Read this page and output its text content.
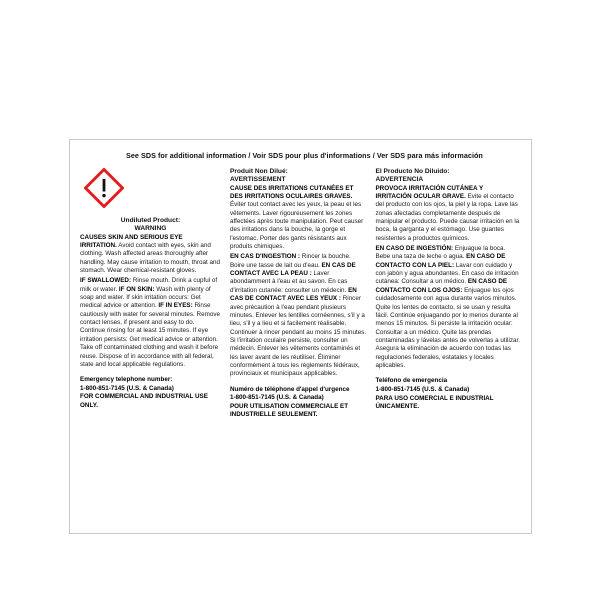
See SDS for additional information / Voir SDS pour plus d'informations / Ver SDS para más información
Undiluted Product:
WARNING
CAUSES SKIN AND SERIOUS EYE IRRITATION. Avoid contact with eyes, skin and clothing. Wash affected areas thoroughly after handling. May cause irritation to mouth, throat and stomach. Wear chemical-resistant gloves.
IF SWALLOWED: Rinse mouth. Drink a cupful of milk or water. IF ON SKIN: Wash with plenty of soap and water. If skin irritation occurs: Get medical advice or attention. IF IN EYES: Rinse cautiously with water for several minutes. Remove contact lenses, if present and easy to do. Continue rinsing for at least 15 minutes. If eye irritation persists: Get medical advice or attention. Take off contaminated clothing and wash it before reuse. Dispose of in accordance with all federal, state and local applicable regulations.
Emergency telephone number:
1-800-851-7145 (U.S. & Canada)
FOR COMMERCIAL AND INDUSTRIAL USE ONLY.
Produit Non Dilué:
AVERTISSEMENT
CAUSE DES IRRITATIONS CUTANÉES ET DES IRRITATIONS OCULAIRES GRAVES. Éviter tout contact avec les yeux, la peau et les vêtements. Laver rigoureusement les zones affectées après toute manipulation. Peut causer des irritations dans la bouche, la gorge et l'estomac. Porter des gants résistants aux produits chimiques.
EN CAS D'INGESTION : Rincer la bouche. Boire une tasse de lait ou d'eau. EN CAS DE CONTACT AVEC LA PEAU : Laver abondamment à l'eau et au savon. En cas d'irritation cutanée: consulter un médecin. EN CAS DE CONTACT AVEC LES YEUX : Rincer avec précaution à l'eau pendant plusieurs minutes. Enlever les lentilles cornéennes, s'il y a lieu, s'il y a lieu et si facilement réalisable. Continuer à rincer pendant au moins 15 minutes. Si l'irritation oculaire persiste, consulter un médecin. Enlever les vêtements contaminés et les laver avant de les réutiliser. Éliminer conformément à tous les règlements fédéraux, provinciaux et municipaux applicables.
Numéro de téléphone d'appel d'urgence
1-800-851-7145 (U.S. & Canada)
POUR UTILISATION COMMERCIALE ET INDUSTRIELLE SEULEMENT.
El Producto No Diluido:
ADVERTENCIA
PROVOCA IRRITACIÓN CUTÁNEA Y IRRITACIÓN OCULAR GRAVE. Evite el contacto del producto con los ojos, la piel y la ropa. Lave las zonas afectadas completamente después de manipular el producto. Puede causar irritación en la boca, la garganta y el estómago. Use guantes resistentes a productos químicos.
EN CASO DE INGESTIÓN: Enjuague la boca. Bebe una taza de leche o agua. EN CASO DE CONTACTO CON LA PIEL: Lavar con cuidado y con jabón y agua abundantes. En caso de irritación cutánea: Consultar a un médico. EN CASO DE CONTACTO CON LOS OJOS: Enjuague los ojos cuidadosamente con agua durante varios minutos. Quite los lentes de contacto, si se usan y resulta fácil. Continúe enjuagando por lo menos durante al menos 15 minutos. Si persiste la irritación ocular: Consultar a un médico. Quite las prendas contaminadas y lávelas antes de volverlas a utilizar. Asegura la eliminación de acuerdo con todas las regulaciones federales, estatales y locales aplicables.
Teléfono de emergencia
1-800-851-7145 (U.S. & Canada)
PARA USO COMERCIAL E INDUSTRIAL ÚNICAMENTE.
